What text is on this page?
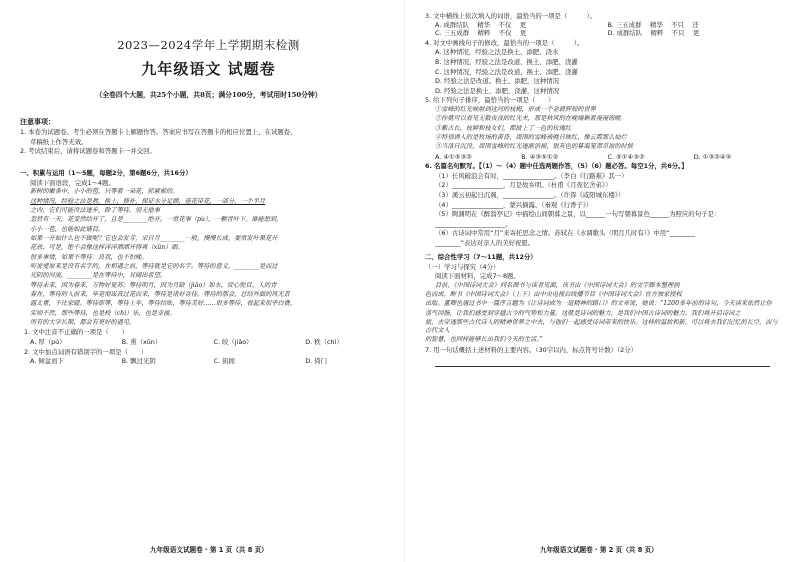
2023—2024学年上学期期末检测
九年级语文 试题卷
（全卷四个大题，共25个小题，共8页；满分100分，考试用时150分钟）
注意事项：
1. 本卷为试题卷。考生必须在答题卡上解题作答。答案应书写在答题卡的相应位置上，在试题卷、
草稿纸上作答无效。
2. 考试结束后，请将试题卷和答题卡一并交回。
一、积累与运用（1～5题，每题2分，第6题6分，共16分）
阅读下面语段，完成1～4题。
新树的嫩条中，小小的苞，只等着一朵花，抓紧萦的。
这种情况，经验之法是教，换土，修补，保证水分足额，连花带花，一部分，一个半月
之内，它们可能没法逐步，除了等待，别无他事
忽然有一天，花变然结开了，且是________绝开。一常花事（pù），一颗青叶下。谁能想到，
小小一苞，也能如此铺目。
如果一开始什么也不做呢？它也会发芽，采日月________一般，慢慢长成，要常发叶果花开
花放，可是，绝不会像这样洋洋洒洒开得爽（xūn）眼。
很多事情，如果不等待：良我，也不怕晚。
听说爱原来是没有名字的，在相遇之前，等待就是它的名字。等待的意义，________是而过
光阴的河流，________是在等待中，耳阔出希望。
等待未来，因为春来，万物好复苏；等待明月，因为月缺（jiǎo）如水，赏心悦目。人的青
春在，等待的人前来，毕竟彻谋真过花而来，等待是诸好奇待，等待的那会，总结外面的风光景
露太重，不比家暖。等待耶等，等待上车，等待结账，等待美好……很多等待，看起来似乎白费，
实则不然，那些等待，也是校（chì）乐，也是幸福。
所有的大学长期，都会有更好的遇见。
1. 文中注音不正确的一项是（　　）
A. 厚（pú）	B. 熏（xūn）	C. 皎（jiǎo）	D. 秩（chì）
2. 文中加点词语有错别字的一项是（　　）
A. 倾盆而下	B. 飘过光阴	C. 街拥	D. 倚门
九年级语文试题卷 · 第 1 页（共 8 页）
3. 文中横线上依次填入的词语，最恰当的一项是（　　　）。
A. 成群结队　 精华　 不仅　 更	B. 三五成群　 精华　 不只　 还
C. 三五成群　 精粹　 不仅　 更	D. 成群结队　 精粹　 不只　 更
4. 对文中画线句子的修改，最恰当的一项是（　　　）。
A. 这种情况，经验之法是换土、添肥、浇水
B. 这种情况，经验之法是改道、换土、添肥、浇灌
C. 这种情况，经验之法是改道，换土、添肥、浇灌
D. 经验之法是改道。换土、添肥，这种情况
D. 经验之法是换土、添肥、浇灌，这种情况
5. 给下列句子排序，最恰当的一项是（　　）
①雪峰的红光映射到这河的枝梅，形成一个金碧辉煌的世界
②你就可以看见无数夜夜的红光夫，那是秋风的在晚端剿着漫漫海晚
③紫古长，枝鲜和枝女们，都披上了一色的玫瑰红
④特别诱人的是牧场的黄昏，周围的雪峰被晚日映红，像云霞那么灿烂
⑤当落日沉没，周围雪峰的红光逐渐消褪，银灰色的暮霭笼罩草原的时候
A. ④①⑤③②	B. ④③⑤①②	C. ⑤①④③②	D. ①③②④⑤
6. 名篇名句默写。【（1）～（4）题中任选两题作答，（5）（6）题必答。每空1分，共6分。】
（1）长风破浪会有时，________________。（李白《行路难》其一）
（2）________________，月是故乡明。（杜甫《月夜忆舍弟》）
（3）溪云初起日沉阁，________________。（许浑《咸阳城东楼》）
（4）________________，蒙兴摘露。（秦观《行香子》）
（5）陶渊明在《醉翁亭记》中描绘山间朝暮之景，以______一句写朝暮景色______为照应的句子是：
______________________。
（6）古诗词中常用“月”来寄托思念之情。苏轼在《水调歌头（明月几时有）》中用“________
________”表达对亲人的美好祝愿。
二、综合性学习（7～11题，共12分）
（一）学习与探究（4分）
阅读下面材料，完成7～8题。
目前，《中国诗词大会》同名图书与读者见面，该书由《中国诗词大会》的文字脚本整理润
色而成。断书《中国诗词大会》（上下）由中央电视台线播节目《中国诗词大会》官方独家授权
出版。董卿也通过书中一篇序言题为《让诗词成为一道精神的路口》的文章说，她说：“1200多年前的诗句，今天读来依然让你
落气回肠，让我们感受到穿越古今的气势和力量。这就是诗词的魅力，是我们中国古诗词的魅力。我们将开启诗词之
旅，去穿透那些古代诗人的精神世界之中去，与他们一起感受诗词带来的快乐。这样的温故和新，可以将去我们记忆的长空，而与古代文人
的智慧，也同样能够长出我们今天的生活。”
7. 用一句话概括上述材料的主要内容。（30字以内，标点符号计数）（2分）
九年级语文试题卷 · 第 2 页（共 8 页）
